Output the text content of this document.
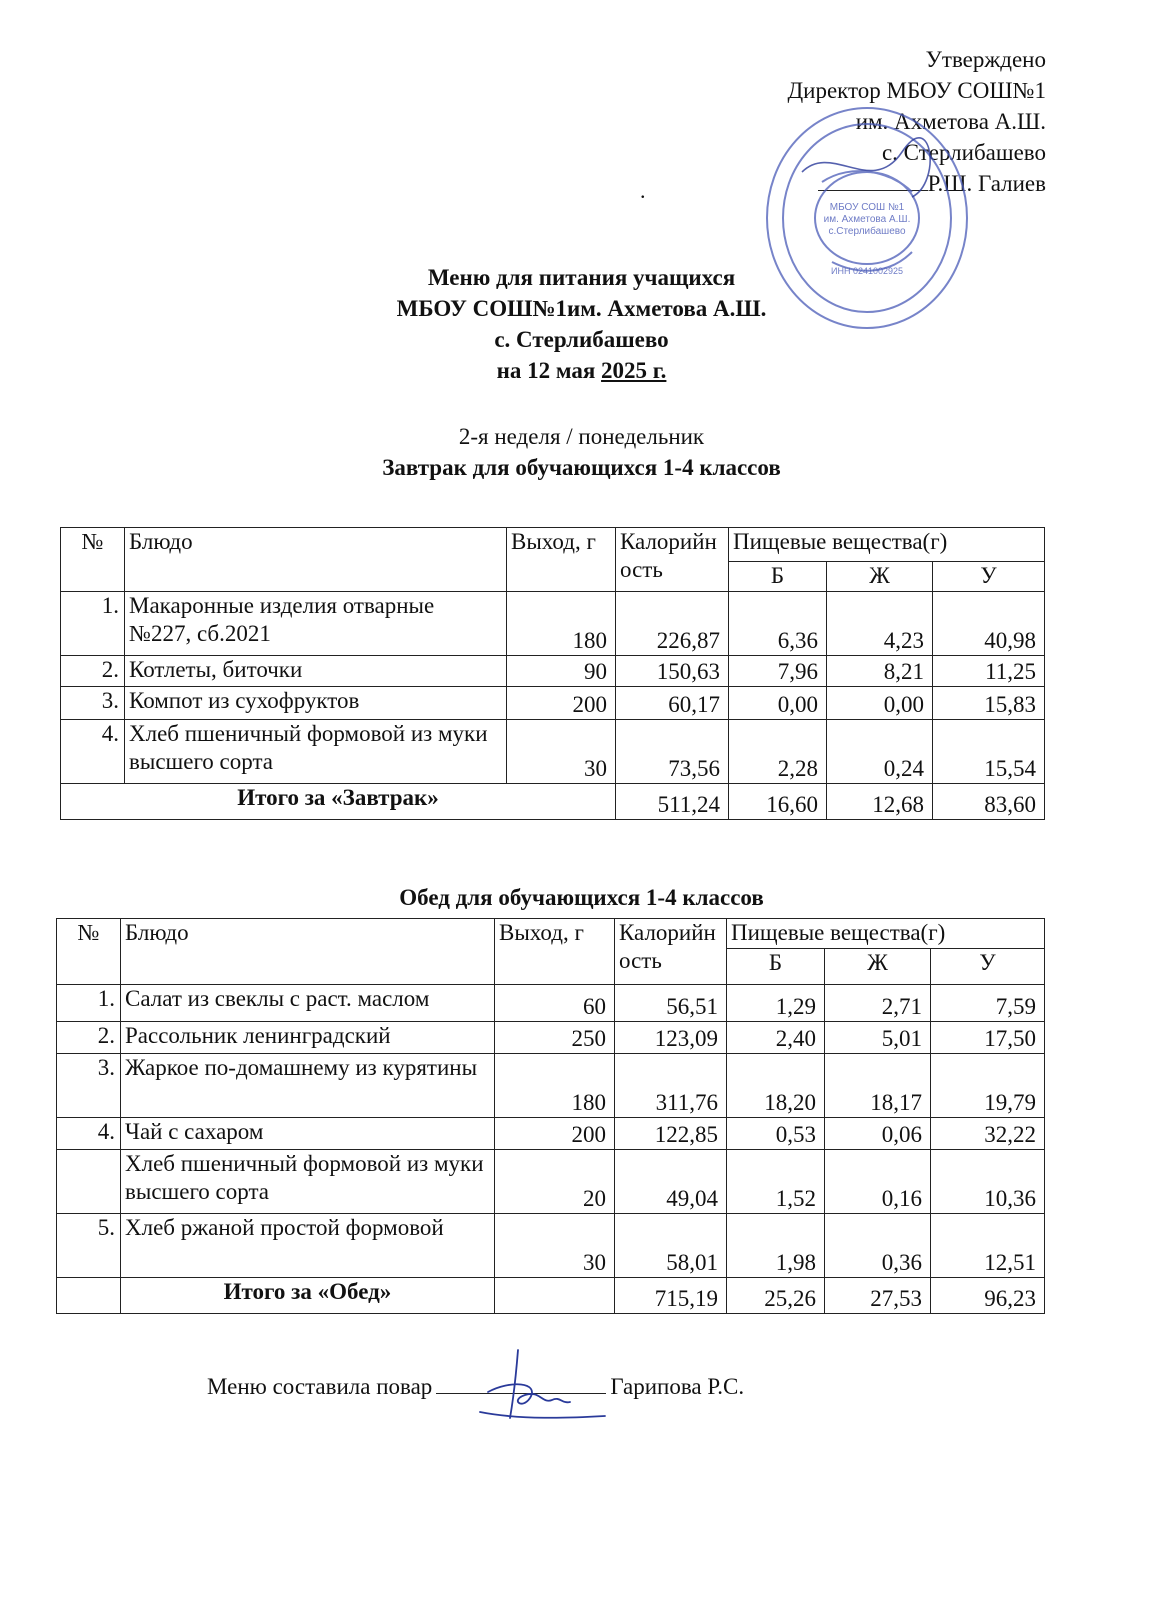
Утверждено
Директор МБОУ СОШ№1
им. Ахметова А.Ш.
с. Стерлибашево
Р.Ш. Галиев
МБОУ СОШ №1
им. Ахметова А.Ш.
с.Стерлибашево
ИНН 0241002925
.
Меню для питания учащихся
МБОУ СОШ№1им. Ахметова А.Ш.
с. Стерлибашево
на 12 мая 2025 г.
2-я неделя / понедельник
Завтрак для обучающихся 1-4 классов
№	Блюдо	Выход, г	Калорийность	Пищевые вещества(г)		
				Б	Ж	У
1.	Макаронные изделия отварные №227, сб.2021	180	226,87	6,36	4,23	40,98
2.	Котлеты, биточки	90	150,63	7,96	8,21	11,25
3.	Компот из сухофруктов	200	60,17	0,00	0,00	15,83
4.	Хлеб пшеничный формовой из муки высшего сорта	30	73,56	2,28	0,24	15,54
Итого за «Завтрак»			511,24	16,60	12,68	83,60
Обед для обучающихся 1-4 классов
№	Блюдо	Выход, г	Калорийность	Пищевые вещества(г)		
				Б	Ж	У
1.	Салат из свеклы с раст. маслом	60	56,51	1,29	2,71	7,59
2.	Рассольник ленинградский	250	123,09	2,40	5,01	17,50
3.	Жаркое по-домашнему из курятины	180	311,76	18,20	18,17	19,79
4.	Чай с сахаром	200	122,85	0,53	0,06	32,22
	Хлеб пшеничный формовой из муки высшего сорта	20	49,04	1,52	0,16	10,36
5.	Хлеб ржаной простой формовой	30	58,01	1,98	0,36	12,51
	Итого за «Обед»		715,19	25,26	27,53	96,23
Меню составила повар	Гарипова Р.С.
